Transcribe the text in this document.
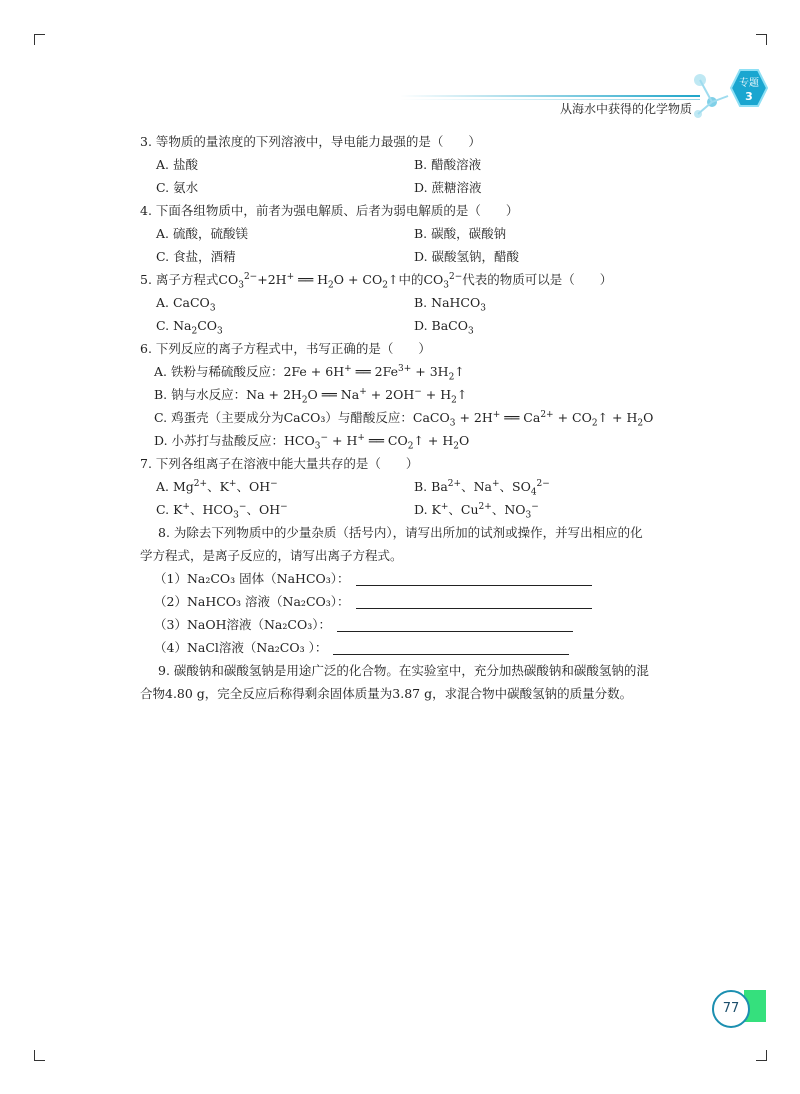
从海水中获得的化学物质
专题
3

3. 等物质的量浓度的下列溶液中，导电能力最强的是（　　）

A. 盐酸	B. 醋酸溶液
C. 氨水	D. 蔗糖溶液

4. 下面各组物质中，前者为强电解质、后者为弱电解质的是（　　）

A. 硫酸，硫酸镁	B. 碳酸，碳酸钠
C. 食盐，酒精	D. 碳酸氢钠，醋酸

5. 离子方程式$CO_3^{2-}+2H^+$ ══ $H_2O$ + $CO_2↑$中的$CO_3^{2-}$代表的物质可以是（　　）

A. CaCO$_3$	B. NaHCO$_3$
C. $Na_2CO_3$	D. BaCO$_3$

6. 下列反应的离子方程式中，书写正确的是（　　）

A. 铁粉与稀硫酸反应：2Fe + 6H+ ══ $2Fe^{3+}$ + $3H_2↑$
B. 钠与水反应：$Na + 2H_2O$ ══ $Na^+ + 2OH^- + H_2↑$
C. 鸡蛋壳（主要成分为CaCO₃）与醋酸反应：CaCO$_3$ + 2H+ ══ $Ca^{2+}$ + $CO_2↑ + H_2O$
D. 小苏打与盐酸反应：$HCO_3^- + H^+$ ══ $CO_2↑ + H_2O$

7. 下列各组离子在溶液中能大量共存的是（　　）

A. $Mg^{2+}$、K+、OH−	B. $Ba^{2+}$、Na+、$SO_4^{2-}$
C. K+、$HCO_3^-$、OH−	D. K+、$Cu^{2+}$、$NO_3^-$

8. 为除去下列物质中的少量杂质（括号内），请写出所加的试剂或操作，并写出相应的化

学方程式，是离子反应的，请写出离子方程式。

（1）Na₂CO₃ 固体（NaHCO₃）：
（2）NaHCO₃ 溶液（Na₂CO₃）：
（3）NaOH溶液（Na₂CO₃）：
（4）NaCl溶液（Na₂CO₃ ）：

9. 碳酸钠和碳酸氢钠是用途广泛的化合物。在实验室中，充分加热碳酸钠和碳酸氢钠的混

合物4.80 g，完全反应后称得剩余固体质量为3.87 g，求混合物中碳酸氢钠的质量分数。

77
